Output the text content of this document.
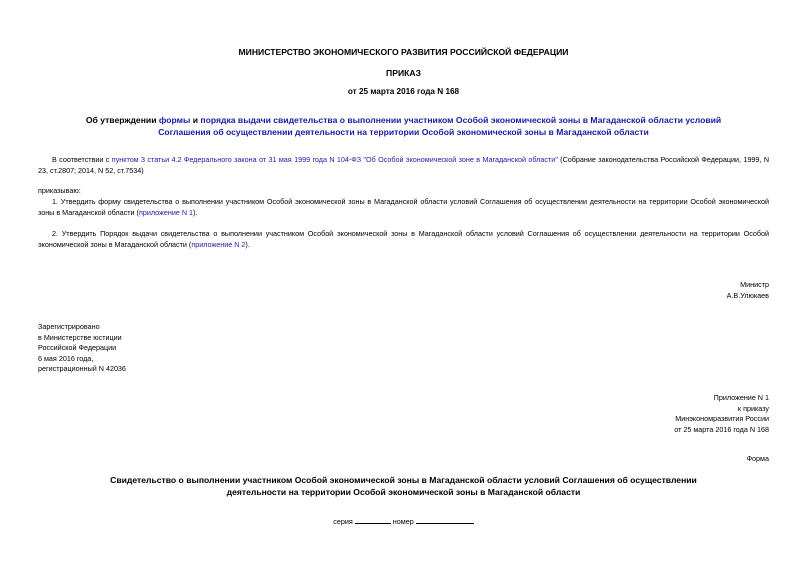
МИНИСТЕРСТВО ЭКОНОМИЧЕСКОГО РАЗВИТИЯ РОССИЙСКОЙ ФЕДЕРАЦИИ
ПРИКАЗ
от 25 марта 2016 года N 168
Об утверждении формы и порядка выдачи свидетельства о выполнении участником Особой экономической зоны в Магаданской области условий Соглашения об осуществлении деятельности на территории Особой экономической зоны в Магаданской области
В соответствии с пунктом 3 статьи 4.2 Федерального закона от 31 мая 1999 года N 104-ФЗ "Об Особой экономической зоне в Магаданской области" (Собрание законодательства Российской Федерации, 1999, N 23, ст.2807; 2014, N 52, ст.7534)
приказываю:
1. Утвердить форму свидетельства о выполнении участником Особой экономической зоны в Магаданской области условий Соглашения об осуществлении деятельности на территории Особой экономической зоны в Магаданской области (приложение N 1).
2. Утвердить Порядок выдачи свидетельства о выполнении участником Особой экономической зоны в Магаданской области условий Соглашения об осуществлении деятельности на территории Особой экономической зоны в Магаданской области (приложение N 2).
Министр
А.В.Улюкаев
Зарегистрировано
в Министерстве юстиции
Российской Федерации
6 мая 2016 года,
регистрационный N 42036
Приложение N 1
к приказу
Минэкономразвития России
от 25 марта 2016 года N 168
Форма
Свидетельство о выполнении участником Особой экономической зоны в Магаданской области условий Соглашения об осуществлении деятельности на территории Особой экономической зоны в Магаданской области
серия	номер
